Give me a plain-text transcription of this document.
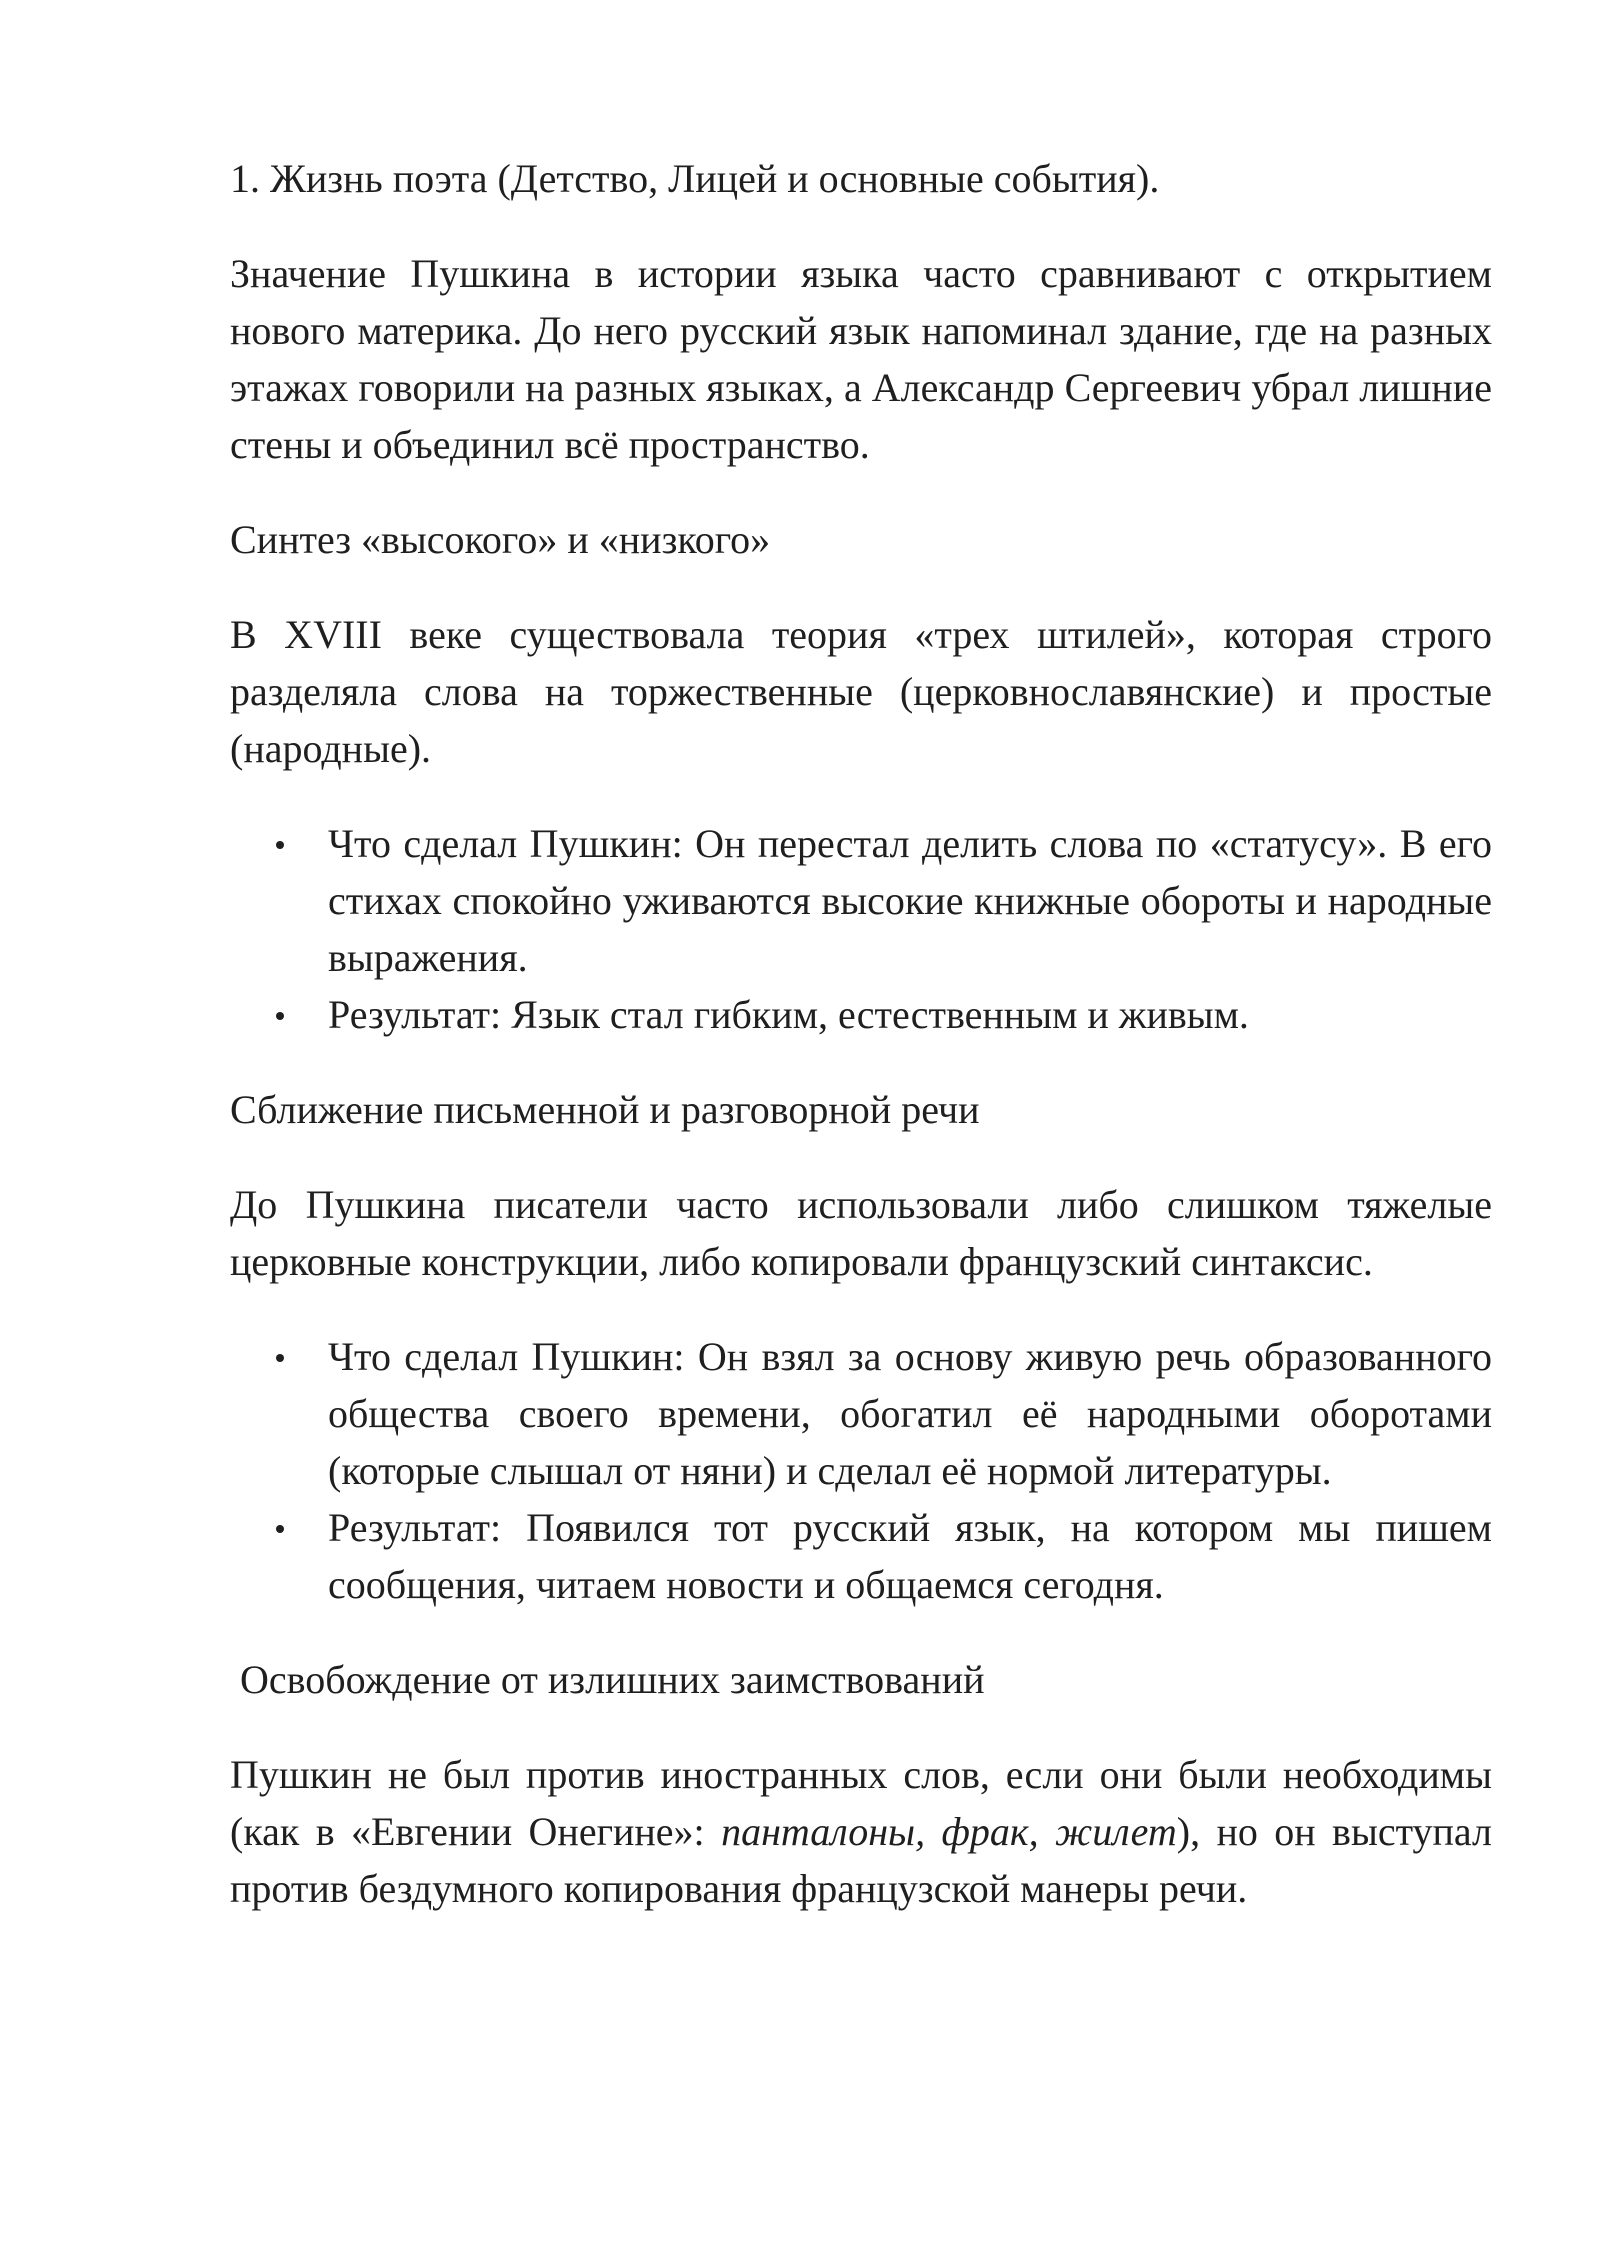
1. Жизнь поэта (Детство, Лицей и основные события).

Значение Пушкина в истории языка часто сравнивают с открытием нового материка. До него русский язык напоминал здание, где на разных этажах говорили на разных языках, а Александр Сергеевич убрал лишние стены и объединил всё пространство.

Синтез «высокого» и «низкого»

В XVIII веке существовала теория «трех штилей», которая строго разделяла слова на торжественные (церковнославянские) и простые (народные).

Что сделал Пушкин: Он перестал делить слова по «статусу». В его стихах спокойно уживаются высокие книжные обороты и народные выражения.
Результат: Язык стал гибким, естественным и живым.

Сближение письменной и разговорной речи

До Пушкина писатели часто использовали либо слишком тяжелые церковные конструкции, либо копировали французский синтаксис.

Что сделал Пушкин: Он взял за основу живую речь образованного общества своего времени, обогатил её народными оборотами (которые слышал от няни) и сделал её нормой литературы.
Результат: Появился тот русский язык, на котором мы пишем сообщения, читаем новости и общаемся сегодня.

Освобождение от излишних заимствований

Пушкин не был против иностранных слов, если они были необходимы (как в «Евгении Онегине»: панталоны, фрак, жилет), но он выступал против бездумного копирования французской манеры речи.
